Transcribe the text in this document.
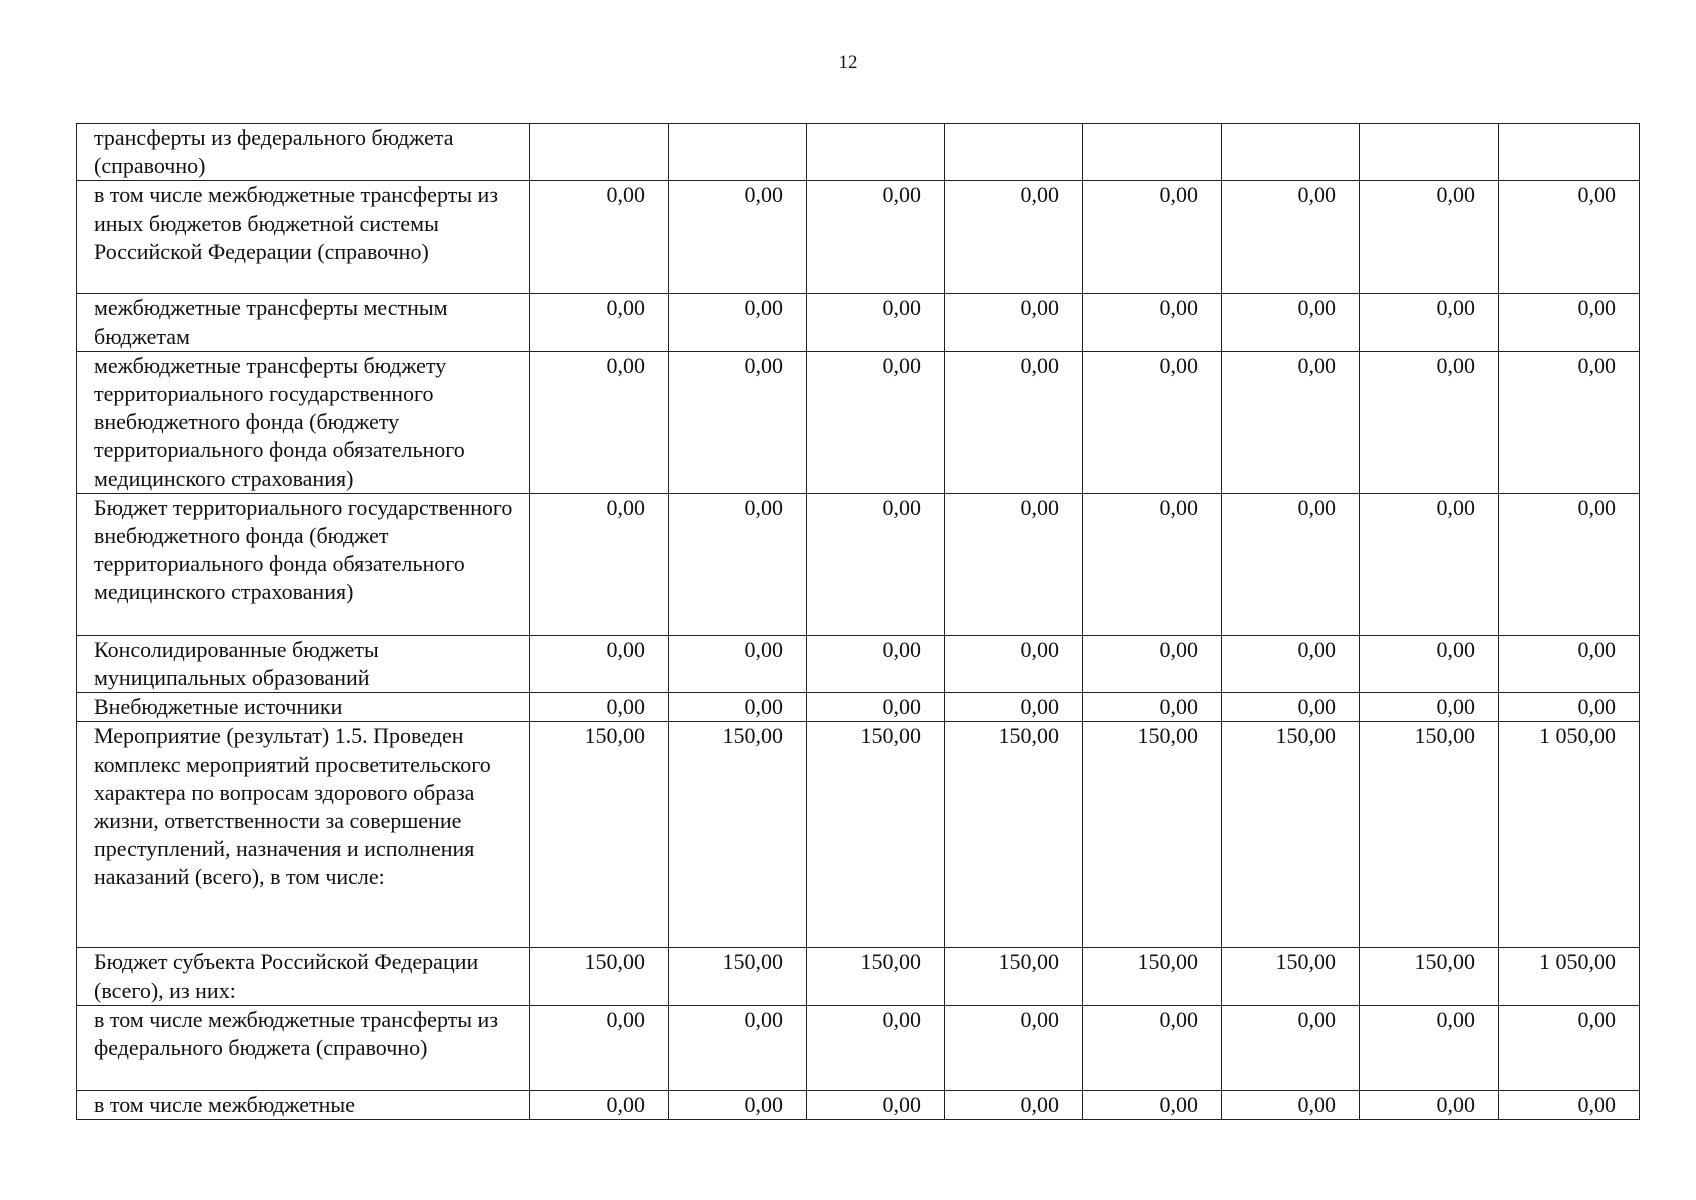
12
трансферты из федерального бюджета (справочно)								
в том числе межбюджетные трансферты из иных бюджетов бюджетной системы Российской Федерации (справочно)	0,00	0,00	0,00	0,00	0,00	0,00	0,00	0,00
межбюджетные трансферты местным бюджетам	0,00	0,00	0,00	0,00	0,00	0,00	0,00	0,00
межбюджетные трансферты бюджету территориального государственного внебюджетного фонда (бюджету территориального фонда обязательного медицинского страхования)	0,00	0,00	0,00	0,00	0,00	0,00	0,00	0,00
Бюджет территориального государственного внебюджетного фонда (бюджет территориального фонда обязательного медицинского страхования)	0,00	0,00	0,00	0,00	0,00	0,00	0,00	0,00
Консолидированные бюджеты муниципальных образований	0,00	0,00	0,00	0,00	0,00	0,00	0,00	0,00
Внебюджетные источники	0,00	0,00	0,00	0,00	0,00	0,00	0,00	0,00
Мероприятие (результат) 1.5. Проведен комплекс мероприятий просветительского характера по вопросам здорового образа жизни, ответственности за совершение преступлений, назначения и исполнения наказаний (всего), в том числе:	150,00	150,00	150,00	150,00	150,00	150,00	150,00	1 050,00
Бюджет субъекта Российской Федерации (всего), из них:	150,00	150,00	150,00	150,00	150,00	150,00	150,00	1 050,00
в том числе межбюджетные трансферты из федерального бюджета (справочно)	0,00	0,00	0,00	0,00	0,00	0,00	0,00	0,00
в том числе межбюджетные	0,00	0,00	0,00	0,00	0,00	0,00	0,00	0,00
